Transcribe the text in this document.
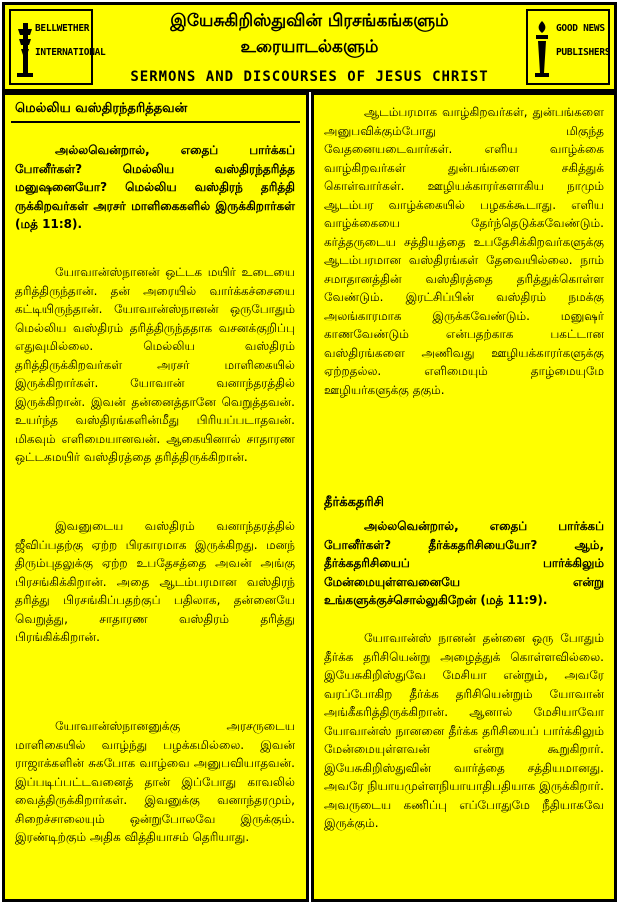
BELLWETHER
INTERNATIONAL
இயேசுகிறிஸ்துவின் பிரசங்கங்களும்
உரையாடல்களும்
SERMONS AND DISCOURSES OF JESUS CHRIST
GOOD NEWS
PUBLISHERS
மெல்லிய வஸ்திரந்தரித்தவன்
அல்லவென்றால், எதைப் பார்க்கப் போனீர்கள்? மெல்லிய வஸ்திரந்தரித்த மனுஷனையோ? மெல்லிய வஸ்திரந் தரித்தி ருக்கிறவர்கள் அரசர் மாளிகைகளில் இருக்கிறார்கள் (மத் 11:8).
யோவான்ஸ்நானன் ஒட்டக மயிர் உடையை தரித்திருந்தான். தன் அரையில் வார்க்கச்சையை கட்டியிருந்தான். யோவான்ஸ்நானன் ஒருபோதும் மெல்லிய வஸ்திரம் தரித்திருந்ததாக வசனக்குறிப்பு எதுவுமில்லை. மெல்லிய வஸ்திரம் தரித்திருக்கிறவர்கள் அரசர் மாளிகையில் இருக்கிறார்கள். யோவான் வனாந்தரத்தில் இருக்கிறான். இவன் தன்னைத்தானே வெறுத்தவன். உயர்ந்த வஸ்திரங்களின்மீது பிரியப்படாதவன். மிகவும் எளிமையானவன். ஆகையினால் சாதாரண ஒட்டகமயிர் வஸ்திரத்தை தரித்திருக்கிறான்.
இவனுடைய வஸ்திரம் வனாந்தரத்தில் ஜீவிப்பதற்கு ஏற்ற பிரகாரமாக இருக்கிறது. மனந் திரும்புதலுக்கு ஏற்ற உபதேசத்தை அவன் அங்கு பிரசங்கிக்கிறான். அதை ஆடம்பரமான வஸ்திரந் தரித்து பிரசங்கிப்பதற்குப் பதிலாக, தன்னையே வெறுத்து, சாதாரண வஸ்திரம் தரித்து பிரங்கிக்கிறான்.
யோவான்ஸ்நானனுக்கு அரசருடைய மாளிகையில் வாழ்ந்து பழக்கமில்லை. இவன் ராஜாக்களின் சுகபோக வாழ்வை அனுபவியாதவன். இப்படிப்பட்டவனைத் தான் இப்போது காவலில் வைத்திருக்கிறார்கள். இவனுக்கு வனாந்தரமும், சிறைச்சாலையும் ஒன்றுபோலவே இருக்கும். இரண்டிற்கும் அதிக வித்தியாசம் தெரியாது.
ஆடம்பரமாக வாழ்கிறவர்கள், துன்பங்களை அனுபவிக்கும்போது மிகுந்த வேதனையடைவார்கள். எளிய வாழ்க்கை வாழ்கிறவர்கள் துன்பங்களை சகித்துக் கொள்வார்கள். ஊழியக்காரர்களாகிய நாமும் ஆடம்பர வாழ்க்கையில் பழகக்கூடாது. எளிய வாழ்க்கையை தேர்ந்தெடுக்கவேண்டும். கர்த்தருடைய சத்தியத்தை உபதேசிக்கிறவர்களுக்கு ஆடம்பரமான வஸ்திரங்கள் தேவையில்லை. நாம் சமாதானத்தின் வஸ்திரத்தை தரித்துக்கொள்ள வேண்டும். இரட்சிப்பின் வஸ்திரம் நமக்கு அலங்காரமாக இருக்கவேண்டும். மனுஷர் காணவேண்டும் என்பதற்காக பகட்டான வஸ்திரங்களை அணிவது ஊழியக்காரர்களுக்கு ஏற்றதல்ல. எளிமையும் தாழ்மையுமே ஊழியர்களுக்கு தகும்.
தீர்க்கதரிசி
அல்லவென்றால், எதைப் பார்க்கப் போனீர்கள்? தீர்க்கதரிசியையோ? ஆம், தீர்க்கதரிசியைப் பார்க்கிலும் மேன்மையுள்ளவனையே என்று உங்களுக்குச்சொல்லுகிறேன் (மத் 11:9).
யோவான்ஸ் நானன் தன்னை ஒரு போதும் தீர்க்க தரிசியென்று அழைத்துக் கொள்ளவில்லை. இயேசுகிறிஸ்துவே மேசியா என்றும், அவரே வரப்போகிற தீர்க்க தரிசியென்றும் யோவான் அங்கீகரித்திருக்கிறான். ஆனால் மேசியாவோ யோவான்ஸ் நானனை தீர்க்க தரிசியைப் பார்க்கிலும் மேன்மையுள்ளவன் என்று கூறுகிறார். இயேசுகிறிஸ்துவின் வார்த்தை சத்தியமானது. அவரே நியாயமுள்ளநியாயாதிபதியாக இருக்கிறார். அவருடைய கணிப்பு எப்போதுமே நீதியாகவே இருக்கும்.
